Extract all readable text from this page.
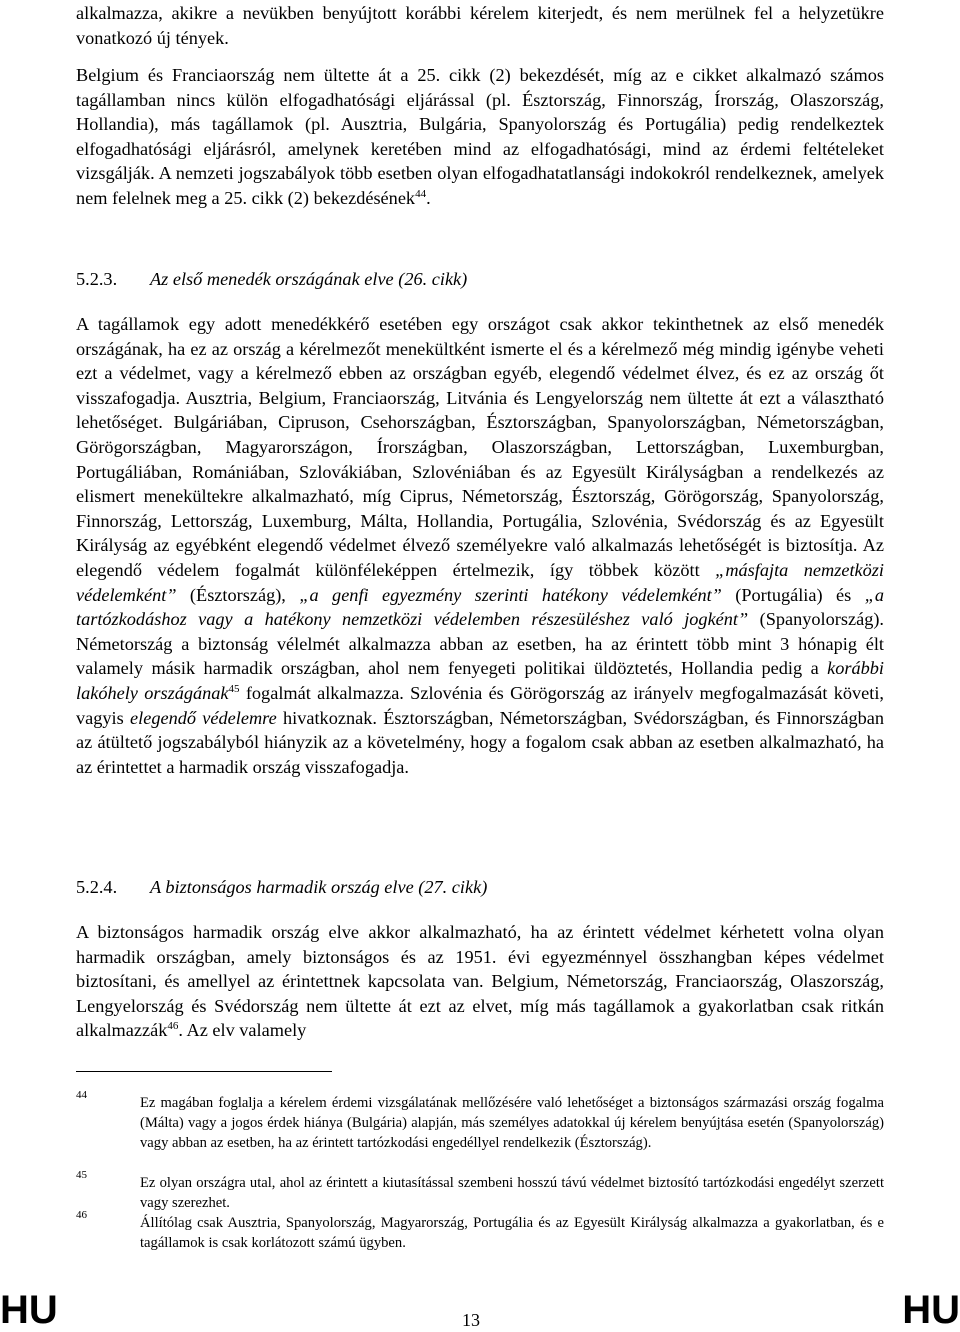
alkalmazza, akikre a nevükben benyújtott korábbi kérelem kiterjedt, és nem merülnek fel a helyzetükre vonatkozó új tények.

Belgium és Franciaország nem ültette át a 25. cikk (2) bekezdését, míg az e cikket alkalmazó számos tagállamban nincs külön elfogadhatósági eljárással (pl. Észtország, Finnország, Írország, Olaszország, Hollandia), más tagállamok (pl. Ausztria, Bulgária, Spanyolország és Portugália) pedig rendelkeztek elfogadhatósági eljárásról, amelynek keretében mind az elfogadhatósági, mind az érdemi feltételeket vizsgálják. A nemzeti jogszabályok több esetben olyan elfogadhatatlansági indokokról rendelkeznek, amelyek nem felelnek meg a 25. cikk (2) bekezdésének$^{44}$.

5.2.3. Az első menedék országának elve (26. cikk)

A tagállamok egy adott menedékkérő esetében egy országot csak akkor tekinthetnek az első menedék országának, ha ez az ország a kérelmezőt menekültként ismerte el és a kérelmező még mindig igénybe veheti ezt a védelmet, vagy a kérelmező ebben az országban egyéb, elegendő védelmet élvez, és ez az ország őt visszafogadja. Ausztria, Belgium, Franciaország, Litvánia és Lengyelország nem ültette át ezt a választható lehetőséget. Bulgáriában, Cipruson, Csehországban, Észtországban, Spanyolországban, Németországban, Görögországban, Magyarországon, Írországban, Olaszországban, Lettországban, Luxemburgban, Portugáliában, Romániában, Szlovákiában, Szlovéniában és az Egyesült Királyságban a rendelkezés az elismert menekültekre alkalmazható, míg Ciprus, Németország, Észtország, Görögország, Spanyolország, Finnország, Lettország, Luxemburg, Málta, Hollandia, Portugália, Szlovénia, Svédország és az Egyesült Királyság az egyébként elegendő védelmet élvező személyekre való alkalmazás lehetőségét is biztosítja. Az elegendő védelem fogalmát különféleképpen értelmezik, így többek között „másfajta nemzetközi védelemként” (Észtország), „a genfi egyezmény szerinti hatékony védelemként” (Portugália) és „a tartózkodáshoz vagy a hatékony nemzetközi védelemben részesüléshez való jogként” (Spanyolország). Németország a biztonság vélelmét alkalmazza abban az esetben, ha az érintett több mint 3 hónapig élt valamely másik harmadik országban, ahol nem fenyegeti politikai üldöztetés, Hollandia pedig a korábbi lakóhely országának$^{45}$ fogalmát alkalmazza. Szlovénia és Görögország az irányelv megfogalmazását követi, vagyis elegendő védelemre hivatkoznak. Észtországban, Németországban, Svédországban, és Finnországban az átültető jogszabályból hiányzik az a követelmény, hogy a fogalom csak abban az esetben alkalmazható, ha az érintettet a harmadik ország visszafogadja.

5.2.4. A biztonságos harmadik ország elve (27. cikk)

A biztonságos harmadik ország elve akkor alkalmazható, ha az érintett védelmet kérhetett volna olyan harmadik országban, amely biztonságos és az 1951. évi egyezménnyel összhangban képes védelmet biztosítani, és amellyel az érintettnek kapcsolata van. Belgium, Németország, Franciaország, Olaszország, Lengyelország és Svédország nem ültette át ezt az elvet, míg más tagállamok a gyakorlatban csak ritkán alkalmazzák$^{46}$. Az elv valamely

44	Ez magában foglalja a kérelem érdemi vizsgálatának mellőzésére való lehetőséget a biztonságos származási ország fogalma (Málta) vagy a jogos érdek hiánya (Bulgária) alapján, más személyes adatokkal új kérelem benyújtása esetén (Spanyolország) vagy abban az esetben, ha az érintett tartózkodási engedéllyel rendelkezik (Észtország).

45	Ez olyan országra utal, ahol az érintett a kiutasítással szembeni hosszú távú védelmet biztosító tartózkodási engedélyt szerzett vagy szerezhet.

46	Állítólag csak Ausztria, Spanyolország, Magyarország, Portugália és az Egyesült Királyság alkalmazza a gyakorlatban, és e tagállamok is csak korlátozott számú ügyben.

HU	13	HU
